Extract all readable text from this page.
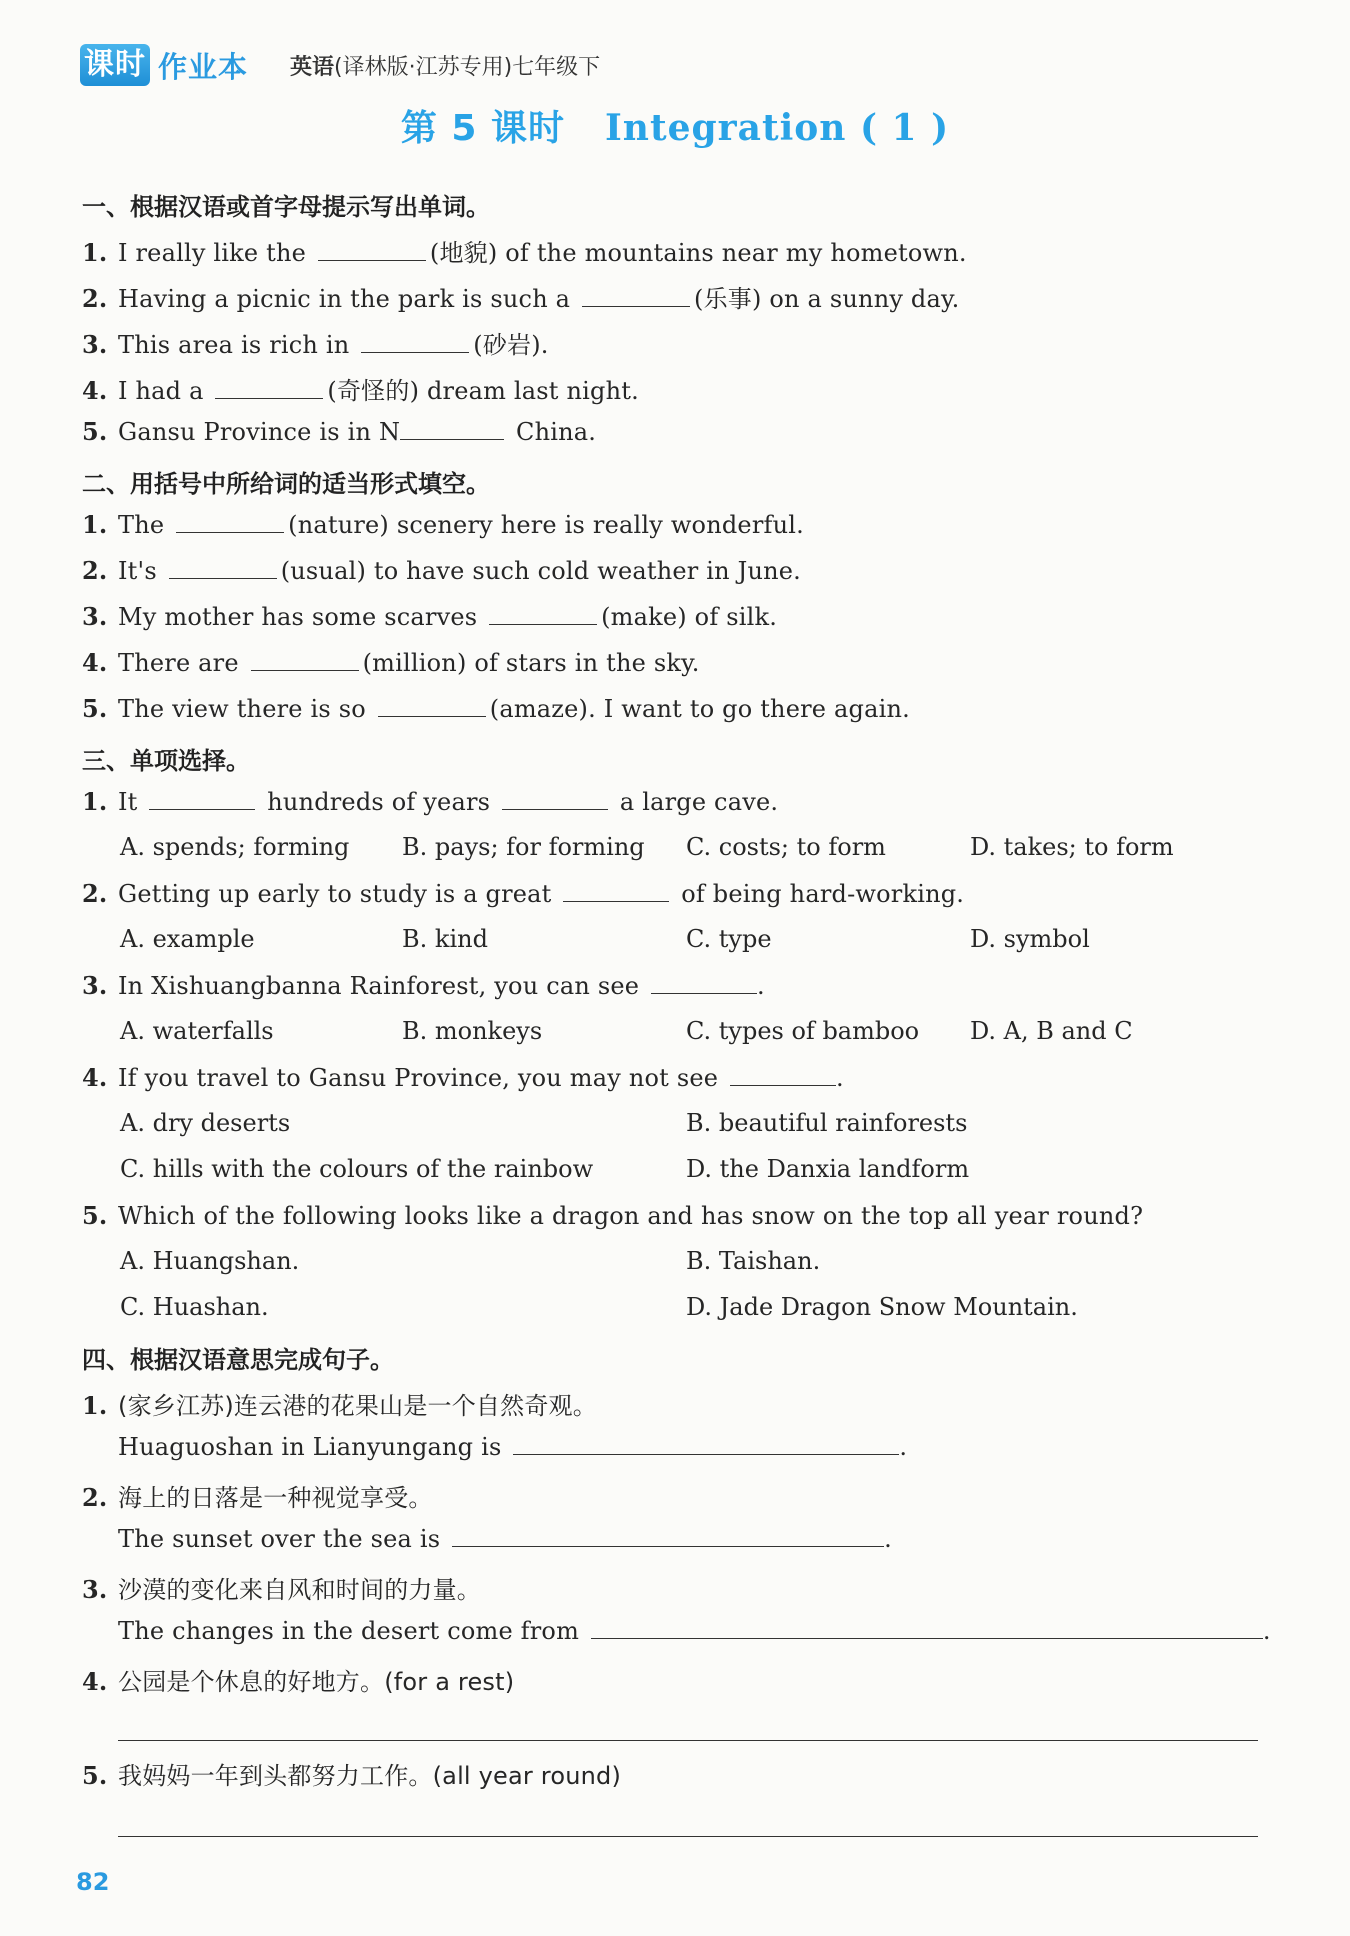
课时 作业本 英语(译林版·江苏专用)七年级下
第 5 课时 Integration ( 1 )
一、根据汉语或首字母提示写出单词。
1. I really like the	(地貌) of the mountains near my hometown.
2. Having a picnic in the park is such a	(乐事) on a sunny day.
3. This area is rich in	(砂岩).
4. I had a	(奇怪的) dream last night.
5. Gansu Province is in N	China.
二、用括号中所给词的适当形式填空。
1. The	(nature) scenery here is really wonderful.
2. It's	(usual) to have such cold weather in June.
3. My mother has some scarves	(make) of silk.
4. There are	(million) of stars in the sky.
5. The view there is so	(amaze). I want to go there again.
三、单项选择。
1. It	hundreds of years	a large cave.
A. spends; forming B. pays; for forming C. costs; to form	D. takes; to form
2. Getting up early to study is a great	of being hard-working.
A. example	B. kind	C. type	D. symbol
3. In Xishuangbanna Rainforest, you can see	.
A. waterfalls	B. monkeys	C. types of bamboo D. A, B and C
4. If you travel to Gansu Province, you may not see	.
A. dry deserts	B. beautiful rainforests
C. hills with the colours of the rainbow	D. the Danxia landform
5. Which of the following looks like a dragon and has snow on the top all year round?
A. Huangshan.	B. Taishan.
C. Huashan.	D. Jade Dragon Snow Mountain.
四、根据汉语意思完成句子。
1. (家乡江苏)连云港的花果山是一个自然奇观。
Huaguoshan in Lianyungang is	.
2. 海上的日落是一种视觉享受。
The sunset over the sea is	.
3. 沙漠的变化来自风和时间的力量。
The changes in the desert come from	.
4. 公园是个休息的好地方。(for a rest)
5. 我妈妈一年到头都努力工作。(all year round)
82
